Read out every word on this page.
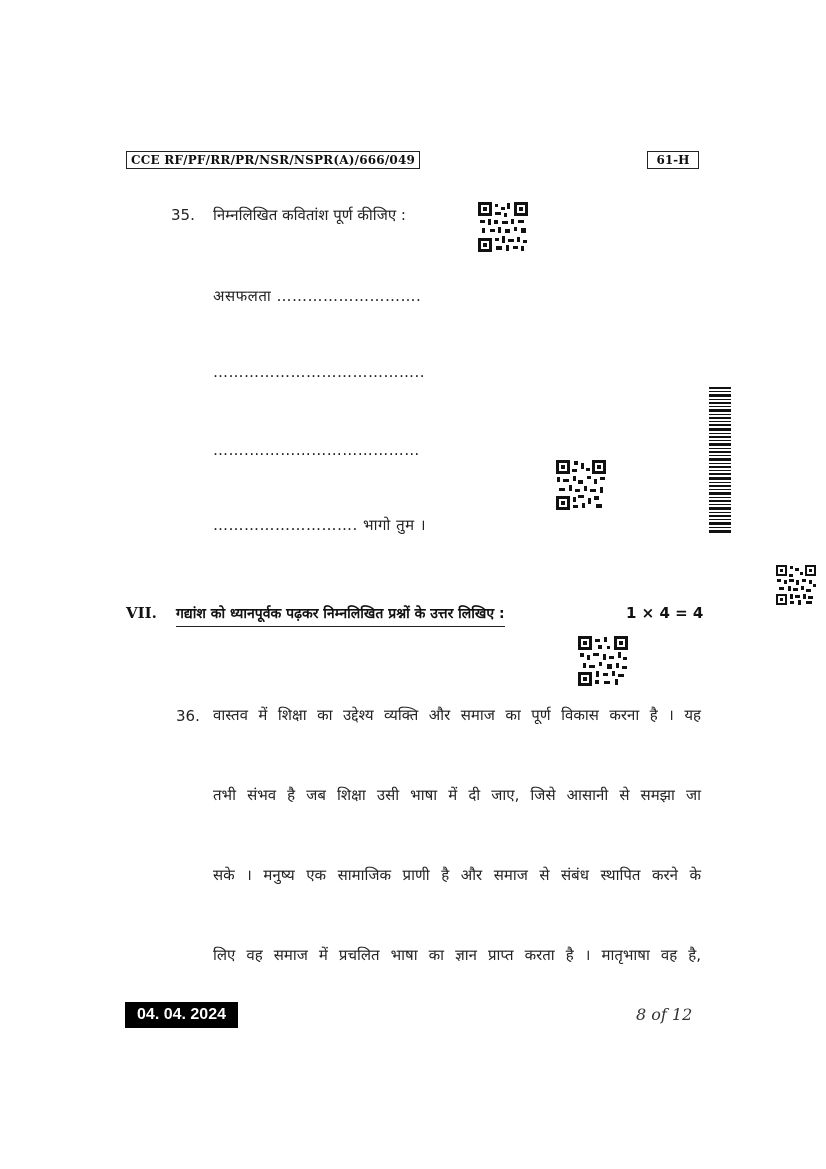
CCE RF/PF/RR/PR/NSR/NSPR(A)/666/049	61-H
35. निम्नलिखित कवितांश पूर्ण कीजिए :
असफलता ……………………….
…………………………………..
…….……………………………
………………………. भागो तुम ।
VII. गद्यांश को ध्यानपूर्वक पढ़कर निम्नलिखित प्रश्नों के उत्तर लिखिए :	1 × 4 = 4
36. वास्तव में शिक्षा का उद्देश्य व्यक्ति और समाज का पूर्ण विकास करना है । यह
तभी संभव है जब शिक्षा उसी भाषा में दी जाए, जिसे आसानी से समझा जा
सके । मनुष्य एक सामाजिक प्राणी है और समाज से संबंध स्थापित करने के
लिए वह समाज में प्रचलित भाषा का ज्ञान प्राप्त करता है । मातृभाषा वह है,
04. 04. 2024	8 of 12
